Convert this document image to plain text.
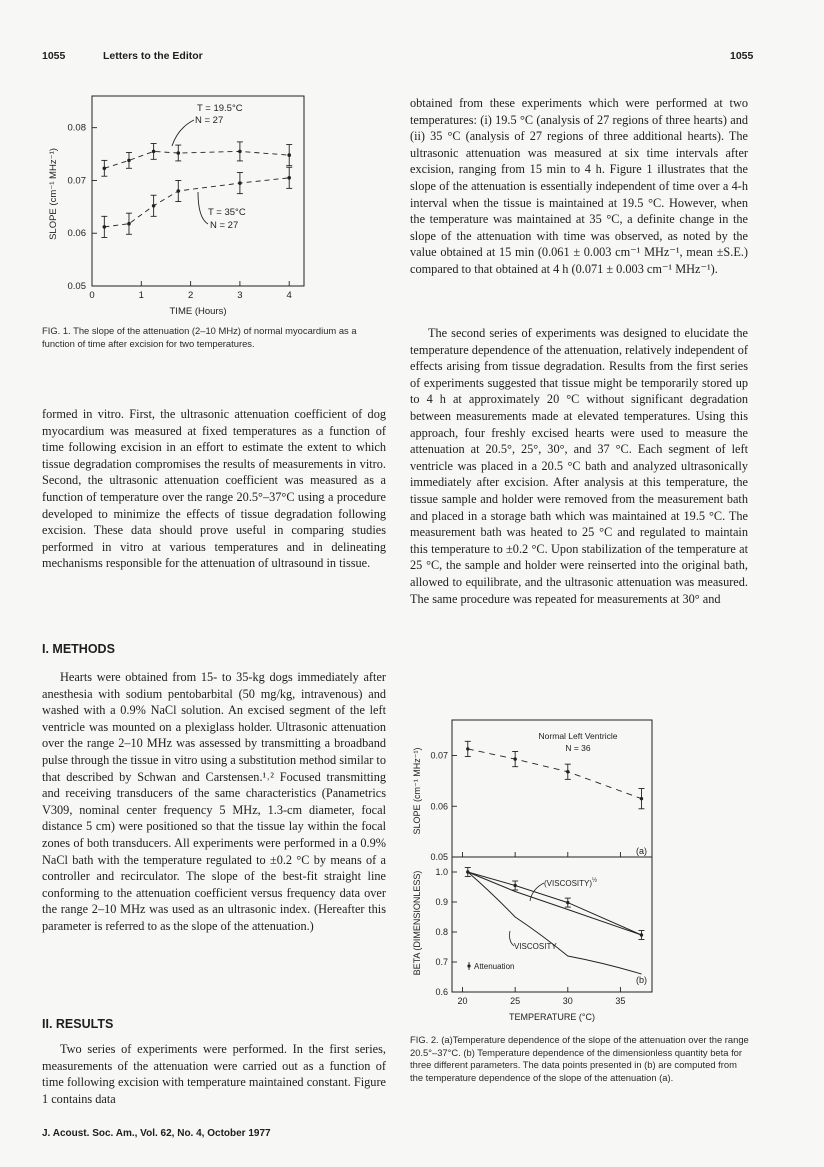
1055	Letters to the Editor	1055
0	1	2	3	4
0.05
0.06
0.07
0.08
SLOPE (cm⁻¹ MHz⁻¹)
TIME (Hours)
T = 19.5°C
N = 27
T = 35°C
N = 27
FIG. 1. The slope of the attenuation (2–10 MHz) of normal myocardium as a function of time after excision for two temperatures.

formed in vitro. First, the ultrasonic attenuation coefficient of dog myocardium was measured at fixed temperatures as a function of time following excision in an effort to estimate the extent to which tissue degradation compromises the results of measurements in vitro. Second, the ultrasonic attenuation coefficient was measured as a function of temperature over the range 20.5°–37°C using a procedure developed to minimize the effects of tissue degradation following excision. These data should prove useful in comparing studies performed in vitro at various temperatures and in delineating mechanisms responsible for the attenuation of ultrasound in tissue.

I. METHODS

Hearts were obtained from 15- to 35-kg dogs immediately after anesthesia with sodium pentobarbital (50 mg/kg, intravenous) and washed with a 0.9% NaCl solution. An excised segment of the left ventricle was mounted on a plexiglass holder. Ultrasonic attenuation over the range 2–10 MHz was assessed by transmitting a broadband pulse through the tissue in vitro using a substitution method similar to that described by Schwan and Carstensen.¹˒² Focused transmitting and receiving transducers of the same characteristics (Panametrics V309, nominal center frequency 5 MHz, 1.3-cm diameter, focal distance 5 cm) were positioned so that the tissue lay within the focal zones of both transducers. All experiments were performed in a 0.9% NaCl bath with the temperature regulated to ±0.2 °C by means of a controller and recirculator. The slope of the best-fit straight line conforming to the attenuation coefficient versus frequency data over the range 2–10 MHz was used as an ultrasonic index. (Hereafter this parameter is referred to as the slope of the attenuation.)

II. RESULTS

Two series of experiments were performed. In the first series, measurements of the attenuation were carried out as a function of time following excision with temperature maintained constant. Figure 1 contains data

obtained from these experiments which were performed at two temperatures: (i) 19.5 °C (analysis of 27 regions of three hearts) and (ii) 35 °C (analysis of 27 regions of three additional hearts). The ultrasonic attenuation was measured at six time intervals after excision, ranging from 15 min to 4 h. Figure 1 illustrates that the slope of the attenuation is essentially independent of time over a 4-h interval when the tissue is maintained at 19.5 °C. However, when the temperature was maintained at 35 °C, a definite change in the slope of the attenuation with time was observed, as noted by the value obtained at 15 min (0.061 ± 0.003 cm⁻¹ MHz⁻¹, mean ±S.E.) compared to that obtained at 4 h (0.071 ± 0.003 cm⁻¹ MHz⁻¹).

The second series of experiments was designed to elucidate the temperature dependence of the attenuation, relatively independent of effects arising from tissue degradation. Results from the first series of experiments suggested that tissue might be temporarily stored up to 4 h at approximately 20 °C without significant degradation between measurements made at elevated temperatures. Using this approach, four freshly excised hearts were used to measure the attenuation at 20.5°, 25°, 30°, and 37 °C. Each segment of left ventricle was placed in a 20.5 °C bath and analyzed ultrasonically immediately after excision. After analysis at this temperature, the tissue sample and holder were removed from the measurement bath and placed in a storage bath which was maintained at 19.5 °C. The measurement bath was heated to 25 °C and regulated to maintain this temperature to ±0.2 °C. Upon stabilization of the temperature at 25 °C, the sample and holder were reinserted into the original bath, allowed to equilibrate, and the ultrasonic attenuation was measured. The same procedure was repeated for measurements at 30° and

20	25	30	35
0.05
0.06
0.07
0.6
0.7
0.8
0.9
1.0
SLOPE (cm⁻¹ MHz⁻¹)
BETA (DIMENSIONLESS)
TEMPERATURE (°C)
Normal Left Ventricle
N = 36
(a)
(b)
(VISCOSITY)$^{\frac{1}{2}}$
VISCOSITY
Attenuation
FIG. 2. (a)Temperature dependence of the slope of the attenuation over the range 20.5°–37°C. (b) Temperature dependence of the dimensionless quantity beta for three different parameters. The data points presented in (b) are computed from the temperature dependence of the slope of the attenuation (a).
J. Acoust. Soc. Am., Vol. 62, No. 4, October 1977
